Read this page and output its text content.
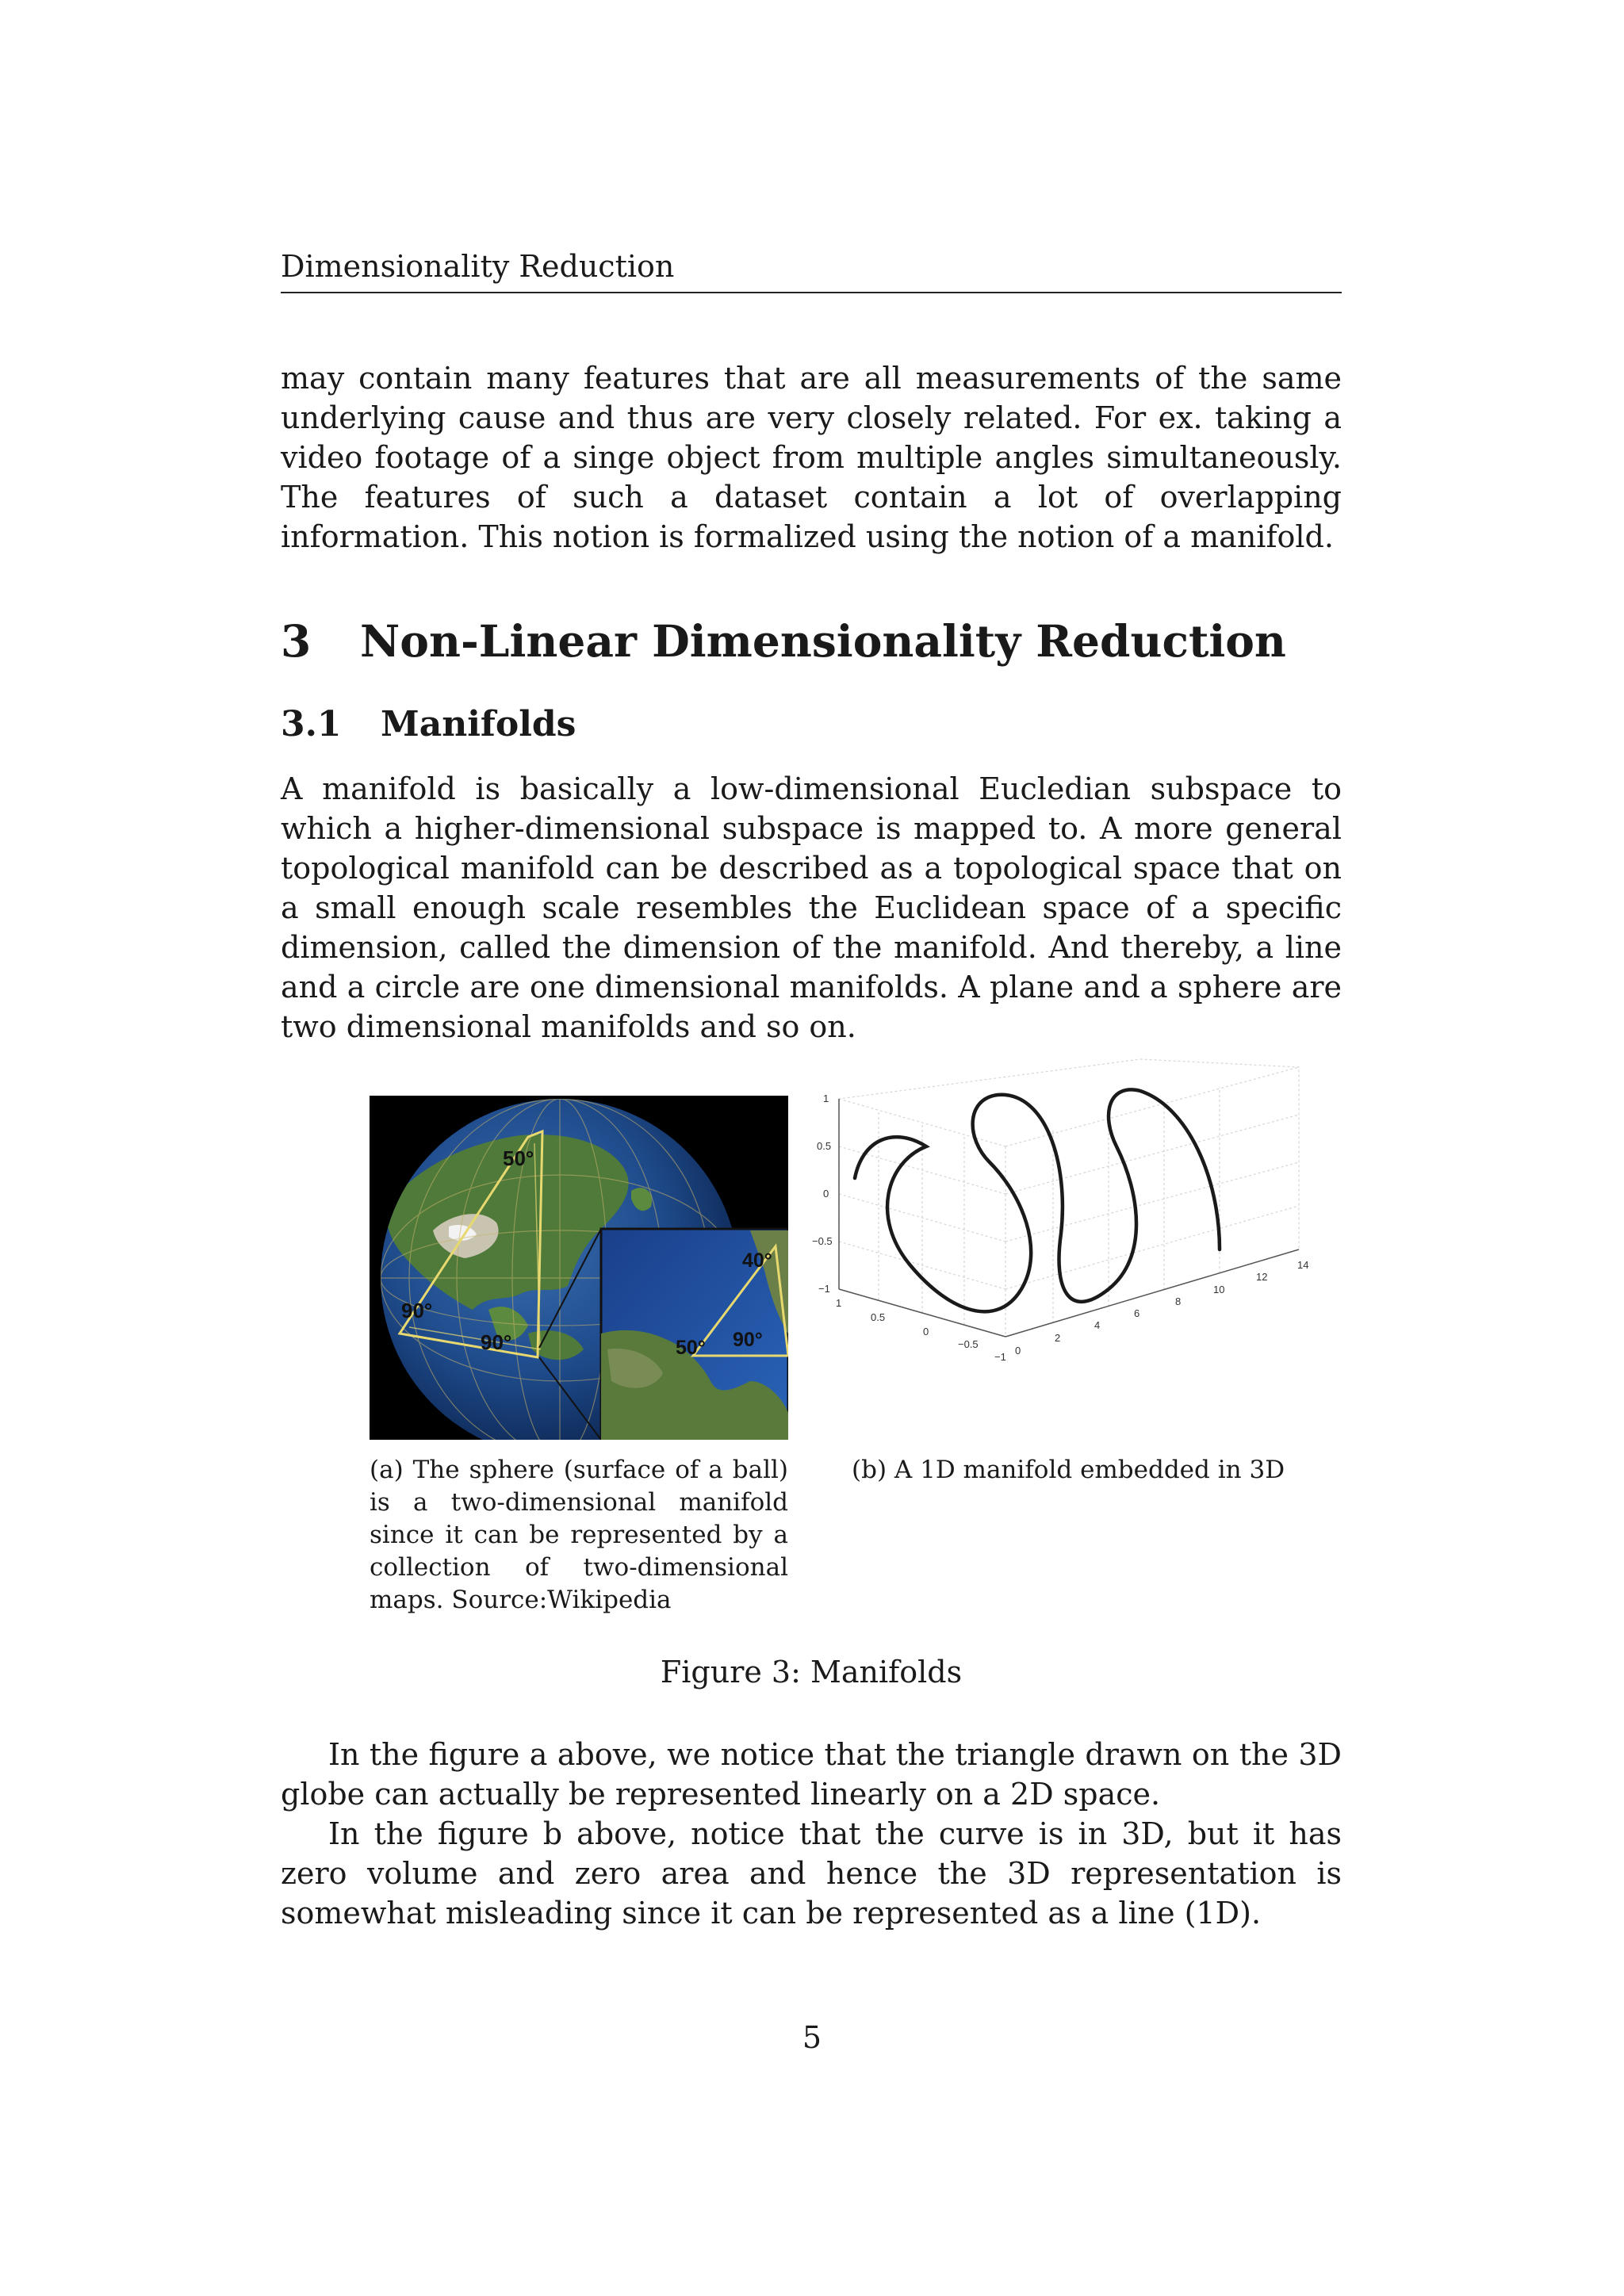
Dimensionality Reduction

may contain many features that are all measurements of the same underlying cause and thus are very closely related. For ex. taking a video footage of a singe object from multiple angles simultaneously. The features of such a dataset contain a lot of overlapping information. This notion is formalized using the notion of a manifold.

3 Non-Linear Dimensionality Reduction
3.1 Manifolds

A manifold is basically a low-dimensional Eucledian subspace to which a higher-dimensional subspace is mapped to. A more general topological manifold can be described as a topological space that on a small enough scale resembles the Euclidean space of a specific dimension, called the dimension of the manifold. And thereby, a line and a circle are one dimensional manifolds. A plane and a sphere are two dimensional manifolds and so on.

50°
90°
90°
40°
50° 90°

(a) The sphere (surface of a ball) is a two-dimensional manifold since it can be represented by a collection of two-dimensional maps. Source:Wikipedia

1
0.5
0
−0.5
−1
1
0.5
0
−0.5
−1
0
2
4
6
8
10
12
14

(b) A 1D manifold embedded in 3D

Figure 3: Manifolds

In the figure a above, we notice that the triangle drawn on the 3D globe can actually be represented linearly on a 2D space.

In the figure b above, notice that the curve is in 3D, but it has zero volume and zero area and hence the 3D representation is somewhat misleading since it can be represented as a line (1D).

5
